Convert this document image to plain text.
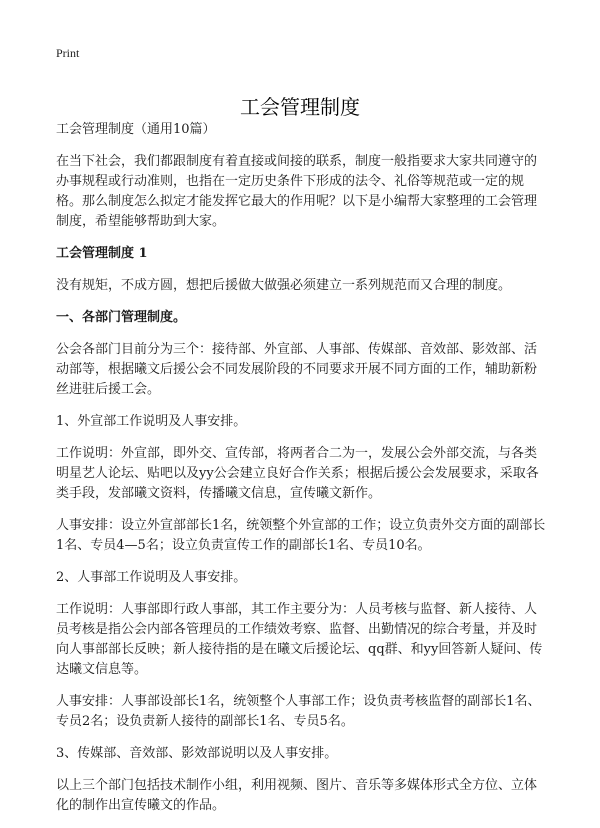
Print
工会管理制度

工会管理制度（通用10篇）

在当下社会，我们都跟制度有着直接或间接的联系，制度一般指要求大家共同遵守的办事规程或行动准则，也指在一定历史条件下形成的法令、礼俗等规范或一定的规格。那么制度怎么拟定才能发挥它最大的作用呢？以下是小编帮大家整理的工会管理制度，希望能够帮助到大家。

工会管理制度 1

没有规矩，不成方圆，想把后援做大做强必须建立一系列规范而又合理的制度。

一、各部门管理制度。

公会各部门目前分为三个：接待部、外宣部、人事部、传媒部、音效部、影效部、活动部等，根据曦文后援公会不同发展阶段的不同要求开展不同方面的工作，辅助新粉丝进驻后援工会。

1、外宣部工作说明及人事安排。

工作说明：外宣部，即外交、宣传部，将两者合二为一，发展公会外部交流，与各类明星艺人论坛、贴吧以及yy公会建立良好合作关系；根据后援公会发展要求，采取各类手段，发部曦文资料，传播曦文信息，宣传曦文新作。

人事安排：设立外宣部部长1名，统领整个外宣部的工作；设立负责外交方面的副部长1名、专员4—5名；设立负责宣传工作的副部长1名、专员10名。

2、人事部工作说明及人事安排。

工作说明：人事部即行政人事部，其工作主要分为：人员考核与监督、新人接待、人员考核是指公会内部各管理员的工作绩效考察、监督、出勤情况的综合考量，并及时向人事部部长反映；新人接待指的是在曦文后援论坛、qq群、和yy回答新人疑问、传达曦文信息等。

人事安排：人事部设部长1名，统领整个人事部工作；设负责考核监督的副部长1名、专员2名；设负责新人接待的副部长1名、专员5名。

3、传媒部、音效部、影效部说明以及人事安排。

以上三个部门包括技术制作小组，利用视频、图片、音乐等多媒体形式全方位、立体化的制作出宣传曦文的作品。
